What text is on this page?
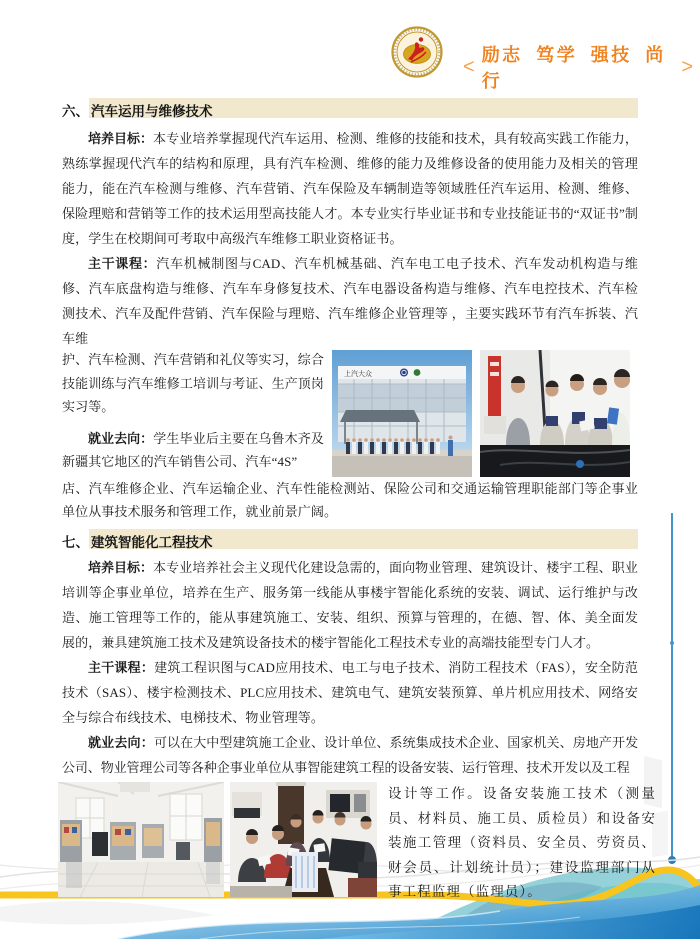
<
励志 笃学 强技 尚行
>
六、 汽车运用与维修技术

培养目标：本专业培养掌握现代汽车运用、检测、维修的技能和技术，具有较高实践工作能力，熟练掌握现代汽车的结构和原理，具有汽车检测、维修的能力及维修设备的使用能力及相关的管理能力，能在汽车检测与维修、汽车营销、汽车保险及车辆制造等领域胜任汽车运用、检测、维修、保险理赔和营销等工作的技术运用型高技能人才。本专业实行毕业证书和专业技能证书的“双证书”制度，学生在校期间可考取中高级汽车维修工职业资格证书。

主干课程：汽车机械制图与CAD、汽车机械基础、汽车电工电子技术、汽车发动机构造与维修、汽车底盘构造与维修、汽车车身修复技术、汽车电器设备构造与维修、汽车电控技术、汽车检测技术、汽车及配件营销、汽车保险与理赔、汽车维修企业管理等 ，主要实践环节有汽车拆装、汽车维

护、汽车检测、汽车营销和礼仪等实习，综合技能训练与汽车维修工培训与考证、生产顶岗实习等。

就业去向：学生毕业后主要在乌鲁木齐及新疆其它地区的汽车销售公司、汽车“4S”

上汽大众

店、汽车维修企业、汽车运输企业、汽车性能检测站、保险公司和交通运输管理职能部门等企事业单位从事技术服务和管理工作，就业前景广阔。

七、 建筑智能化工程技术

培养目标：本专业培养社会主义现代化建设急需的，面向物业管理、建筑设计、楼宇工程、职业培训等企事业单位，培养在生产、服务第一线能从事楼宇智能化系统的安装、调试、运行维护与改造、施工管理等工作的，能从事建筑施工、安装、组织、预算与管理的，在德、智、体、美全面发展的，兼具建筑施工技术及建筑设备技术的楼宇智能化工程技术专业的高端技能型专门人才。

主干课程：建筑工程识图与CAD应用技术、电工与电子技术、消防工程技术（FAS），安全防范技术（SAS）、楼宇检测技术、PLC应用技术、建筑电气、建筑安装预算、单片机应用技术、网络安全与综合布线技术、电梯技术、物业管理等。

就业去向：可以在大中型建筑施工企业、设计单位、系统集成技术企业、国家机关、房地产开发公司、物业管理公司等各种企事业单位从事智能建筑工程的设备安装、运行管理、技术开发以及工程

设计等工作。设备安装施工技术（测量员、材料员、施工员、质检员）和设备安装施工管理（资料员、安全员、劳资员、财会员、计划统计员）；建设监理部门从事工程监理（监理员）。
